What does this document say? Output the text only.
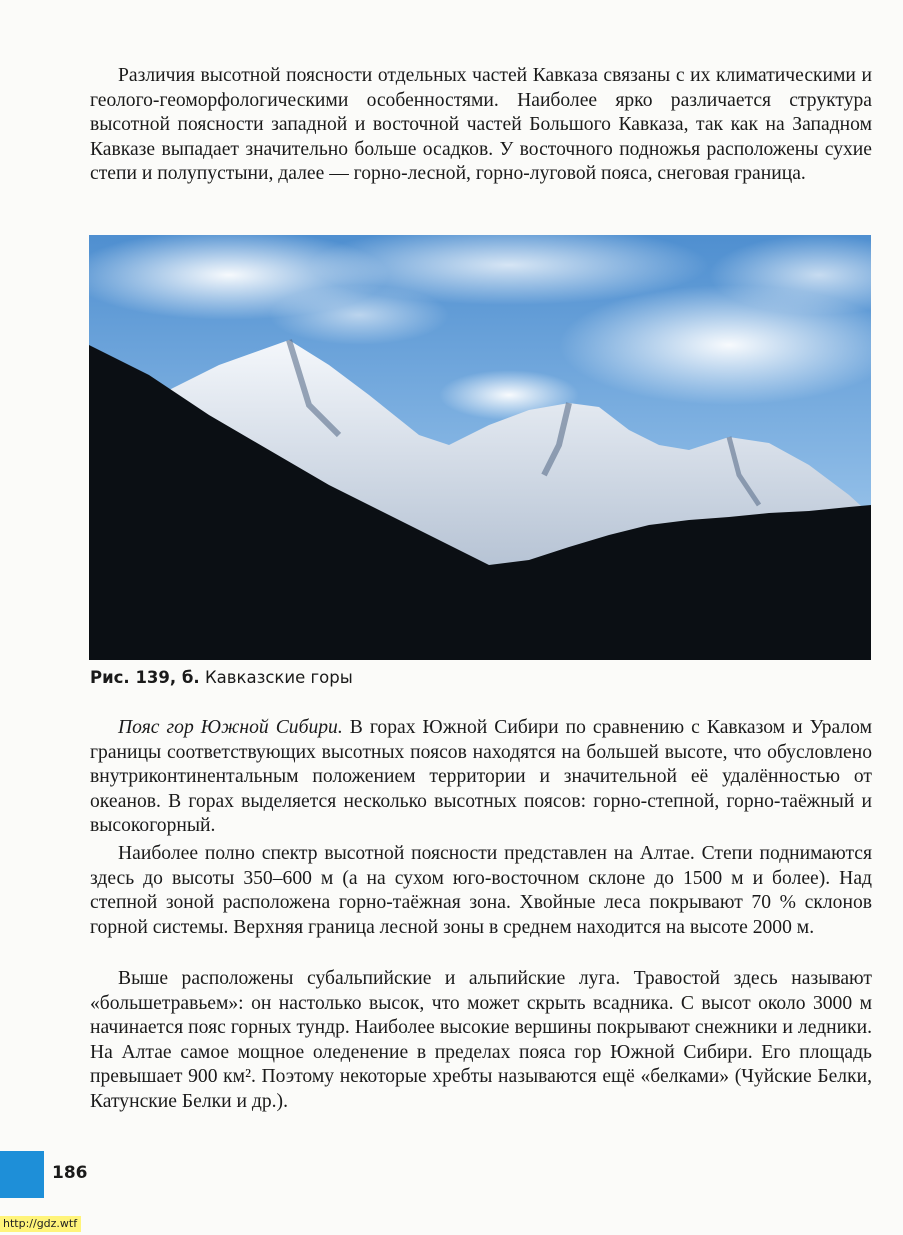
Различия высотной поясности отдельных частей Кавказа связаны с их климатическими и геолого-геоморфологическими особенностями. Наиболее ярко различается структура высотной поясности западной и восточной частей Большого Кавказа, так как на Западном Кавказе выпадает значительно больше осадков. У восточного подножья расположены сухие степи и полупустыни, далее — горно-лесной, горно-луговой пояса, снеговая граница.

Рис. 139, б. Кавказские горы

Пояс гор Южной Сибири. В горах Южной Сибири по сравнению с Кавказом и Уралом границы соответствующих высотных поясов находятся на большей высоте, что обусловлено внутриконтинентальным положением территории и значительной её удалённостью от океанов. В горах выделяется несколько высотных поясов: горно-степной, горно-таёжный и высокогорный.

Наиболее полно спектр высотной поясности представлен на Алтае. Степи поднимаются здесь до высоты 350–600 м (а на сухом юго-восточном склоне до 1500 м и более). Над степной зоной расположена горно-таёжная зона. Хвойные леса покрывают 70 % склонов горной системы. Верхняя граница лесной зоны в среднем находится на высоте 2000 м.

Выше расположены субальпийские и альпийские луга. Травостой здесь называют «большетравьем»: он настолько высок, что может скрыть всадника. С высот около 3000 м начинается пояс горных тундр. Наиболее высокие вершины покрывают снежники и ледники. На Алтае самое мощное оледенение в пределах пояса гор Южной Сибири. Его площадь превышает 900 км². Поэтому некоторые хребты называются ещё «белками» (Чуйские Белки, Катунские Белки и др.).

186
http://gdz.wtf
